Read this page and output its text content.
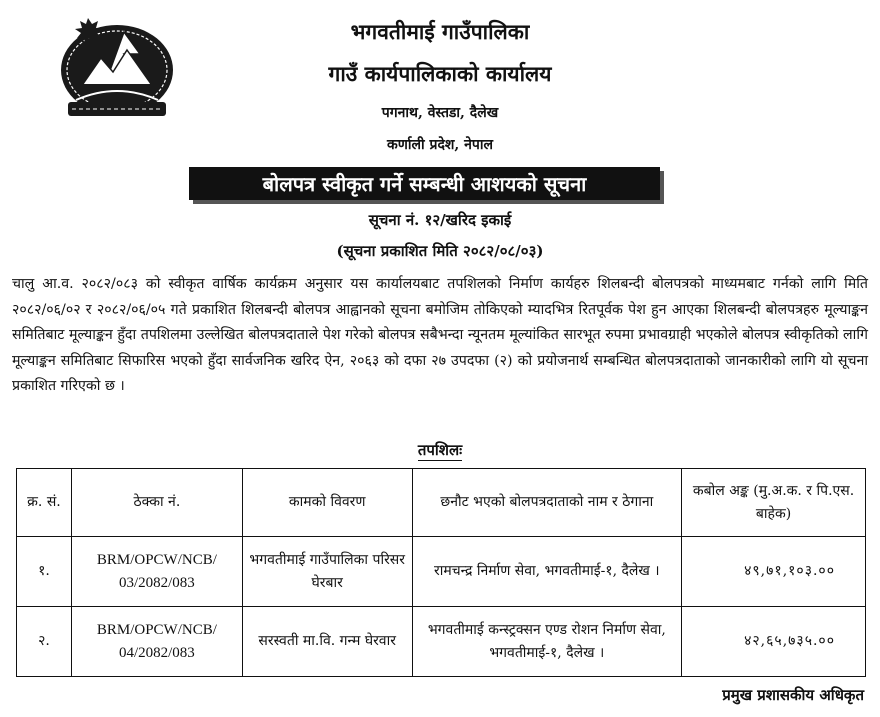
भगवतीमाई गाउँपालिका
गाउँ कार्यपालिकाको कार्यालय
पगनाथ, वेस्तडा, दैलेख
कर्णाली प्रदेश, नेपाल
बोलपत्र स्वीकृत गर्ने सम्बन्धी आशयको सूचना
सूचना नं. १२/खरिद इकाई
(सूचना प्रकाशित मिति २०८२/०८/०३)
चालु आ.व. २०८२/०८३ को स्वीकृत वार्षिक कार्यक्रम अनुसार यस कार्यालयबाट तपशिलको निर्माण कार्यहरु शिलबन्दी बोलपत्रको माध्यमबाट गर्नको लागि मिति २०८२/०६/०२ र २०८२/०६/०५ गते प्रकाशित शिलबन्दी बोलपत्र आह्वानको सूचना बमोजिम तोकिएको म्यादभित्र रितपूर्वक पेश हुन आएका शिलबन्दी बोलपत्रहरु मूल्याङ्कन समितिबाट मूल्याङ्कन हुँदा तपशिलमा उल्लेखित बोलपत्रदाताले पेश गरेको बोलपत्र सबैभन्दा न्यूनतम मूल्यांकित सारभूत रुपमा प्रभावग्राही भएकोले बोलपत्र स्वीकृतिको लागि मूल्याङ्कन समितिबाट सिफारिस भएको हुँदा सार्वजनिक खरिद ऐन, २०६३ को दफा २७ उपदफा (२) को प्रयोजनार्थ सम्बन्धित बोलपत्रदाताको जानकारीको लागि यो सूचना प्रकाशित गरिएको छ ।
तपशिलः
क्र. सं.	ठेक्का नं.	कामको विवरण	छनौट भएको बोलपत्रदाताको नाम र ठेगाना	कबोल अङ्क (मु.अ.क. र पि.एस. बाहेक)
१.	BRM/OPCW/NCB/ 03/2082/083	भगवतीमाई गाउँपालिका परिसर घेरबार	रामचन्द्र निर्माण सेवा, भगवतीमाई-१, दैलेख ।	४९,७१,१०३.००
२.	BRM/OPCW/NCB/ 04/2082/083	सरस्वती मा.वि. गन्म घेरवार	भगवतीमाई कन्स्ट्रक्सन एण्ड रोशन निर्माण सेवा, भगवतीमाई-१, दैलेख ।	४२,६५,७३५.००
प्रमुख प्रशासकीय अधिकृत
